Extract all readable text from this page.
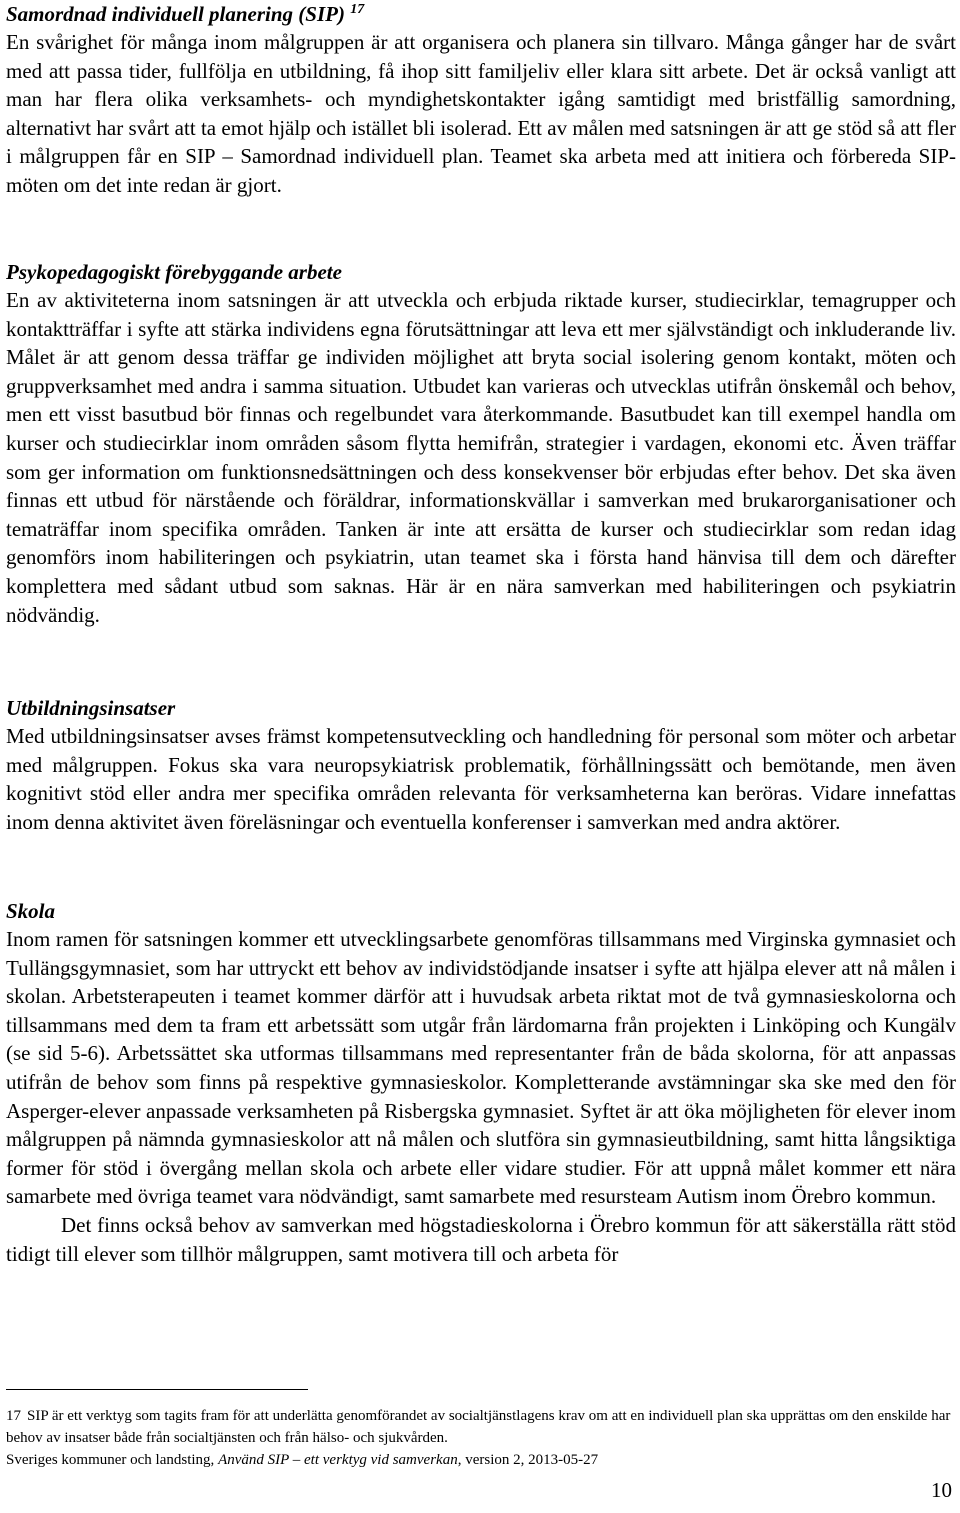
Samordnad individuell planering (SIP) $^{17}$

En svårighet för många inom målgruppen är att organisera och planera sin tillvaro. Många gånger har de svårt med att passa tider, fullfölja en utbildning, få ihop sitt familjeliv eller klara sitt arbete. Det är också vanligt att man har flera olika verksamhets- och myndighetskontakter igång samtidigt med bristfällig samordning, alternativt har svårt att ta emot hjälp och istället bli isolerad. Ett av målen med satsningen är att ge stöd så att fler i målgruppen får en SIP – Samordnad individuell plan. Teamet ska arbeta med att initiera och förbereda SIP-möten om det inte redan är gjort.

Psykopedagogiskt förebyggande arbete

En av aktiviteterna inom satsningen är att utveckla och erbjuda riktade kurser, studiecirklar, temagrupper och kontaktträffar i syfte att stärka individens egna förutsättningar att leva ett mer självständigt och inkluderande liv. Målet är att genom dessa träffar ge individen möjlighet att bryta social isolering genom kontakt, möten och gruppverksamhet med andra i samma situation. Utbudet kan varieras och utvecklas utifrån önskemål och behov, men ett visst basutbud bör finnas och regelbundet vara återkommande. Basutbudet kan till exempel handla om kurser och studiecirklar inom områden såsom flytta hemifrån, strategier i vardagen, ekonomi etc. Även träffar som ger information om funktionsnedsättningen och dess konsekvenser bör erbjudas efter behov. Det ska även finnas ett utbud för närstående och föräldrar, informationskvällar i samverkan med brukarorganisationer och tematräffar inom specifika områden. Tanken är inte att ersätta de kurser och studiecirklar som redan idag genomförs inom habiliteringen och psykiatrin, utan teamet ska i första hand hänvisa till dem och därefter komplettera med sådant utbud som saknas. Här är en nära samverkan med habiliteringen och psykiatrin nödvändig.

Utbildningsinsatser

Med utbildningsinsatser avses främst kompetensutveckling och handledning för personal som möter och arbetar med målgruppen. Fokus ska vara neuropsykiatrisk problematik, förhållningssätt och bemötande, men även kognitivt stöd eller andra mer specifika områden relevanta för verksamheterna kan beröras. Vidare innefattas inom denna aktivitet även föreläsningar och eventuella konferenser i samverkan med andra aktörer.

Skola

Inom ramen för satsningen kommer ett utvecklingsarbete genomföras tillsammans med Virginska gymnasiet och Tullängsgymnasiet, som har uttryckt ett behov av individstödjande insatser i syfte att hjälpa elever att nå målen i skolan. Arbetsterapeuten i teamet kommer därför att i huvudsak arbeta riktat mot de två gymnasieskolorna och tillsammans med dem ta fram ett arbetssätt som utgår från lärdomarna från projekten i Linköping och Kungälv (se sid 5-6). Arbetssättet ska utformas tillsammans med representanter från de båda skolorna, för att anpassas utifrån de behov som finns på respektive gymnasieskolor. Kompletterande avstämningar ska ske med den för Asperger-elever anpassade verksamheten på Risbergska gymnasiet. Syftet är att öka möjligheten för elever inom målgruppen på nämnda gymnasieskolor att nå målen och slutföra sin gymnasieutbildning, samt hitta långsiktiga former för stöd i övergång mellan skola och arbete eller vidare studier. För att uppnå målet kommer ett nära samarbete med övriga teamet vara nödvändigt, samt samarbete med resursteam Autism inom Örebro kommun.

Det finns också behov av samverkan med högstadieskolorna i Örebro kommun för att säkerställa rätt stöd tidigt till elever som tillhör målgruppen, samt motivera till och arbeta för

17 SIP är ett verktyg som tagits fram för att underlätta genomförandet av socialtjänstlagens krav om att en individuell plan ska upprättas om den enskilde har behov av insatser både från socialtjänsten och från hälso- och sjukvården.
Sveriges kommuner och landsting, Använd SIP – ett verktyg vid samverkan, version 2, 2013-05-27
10
